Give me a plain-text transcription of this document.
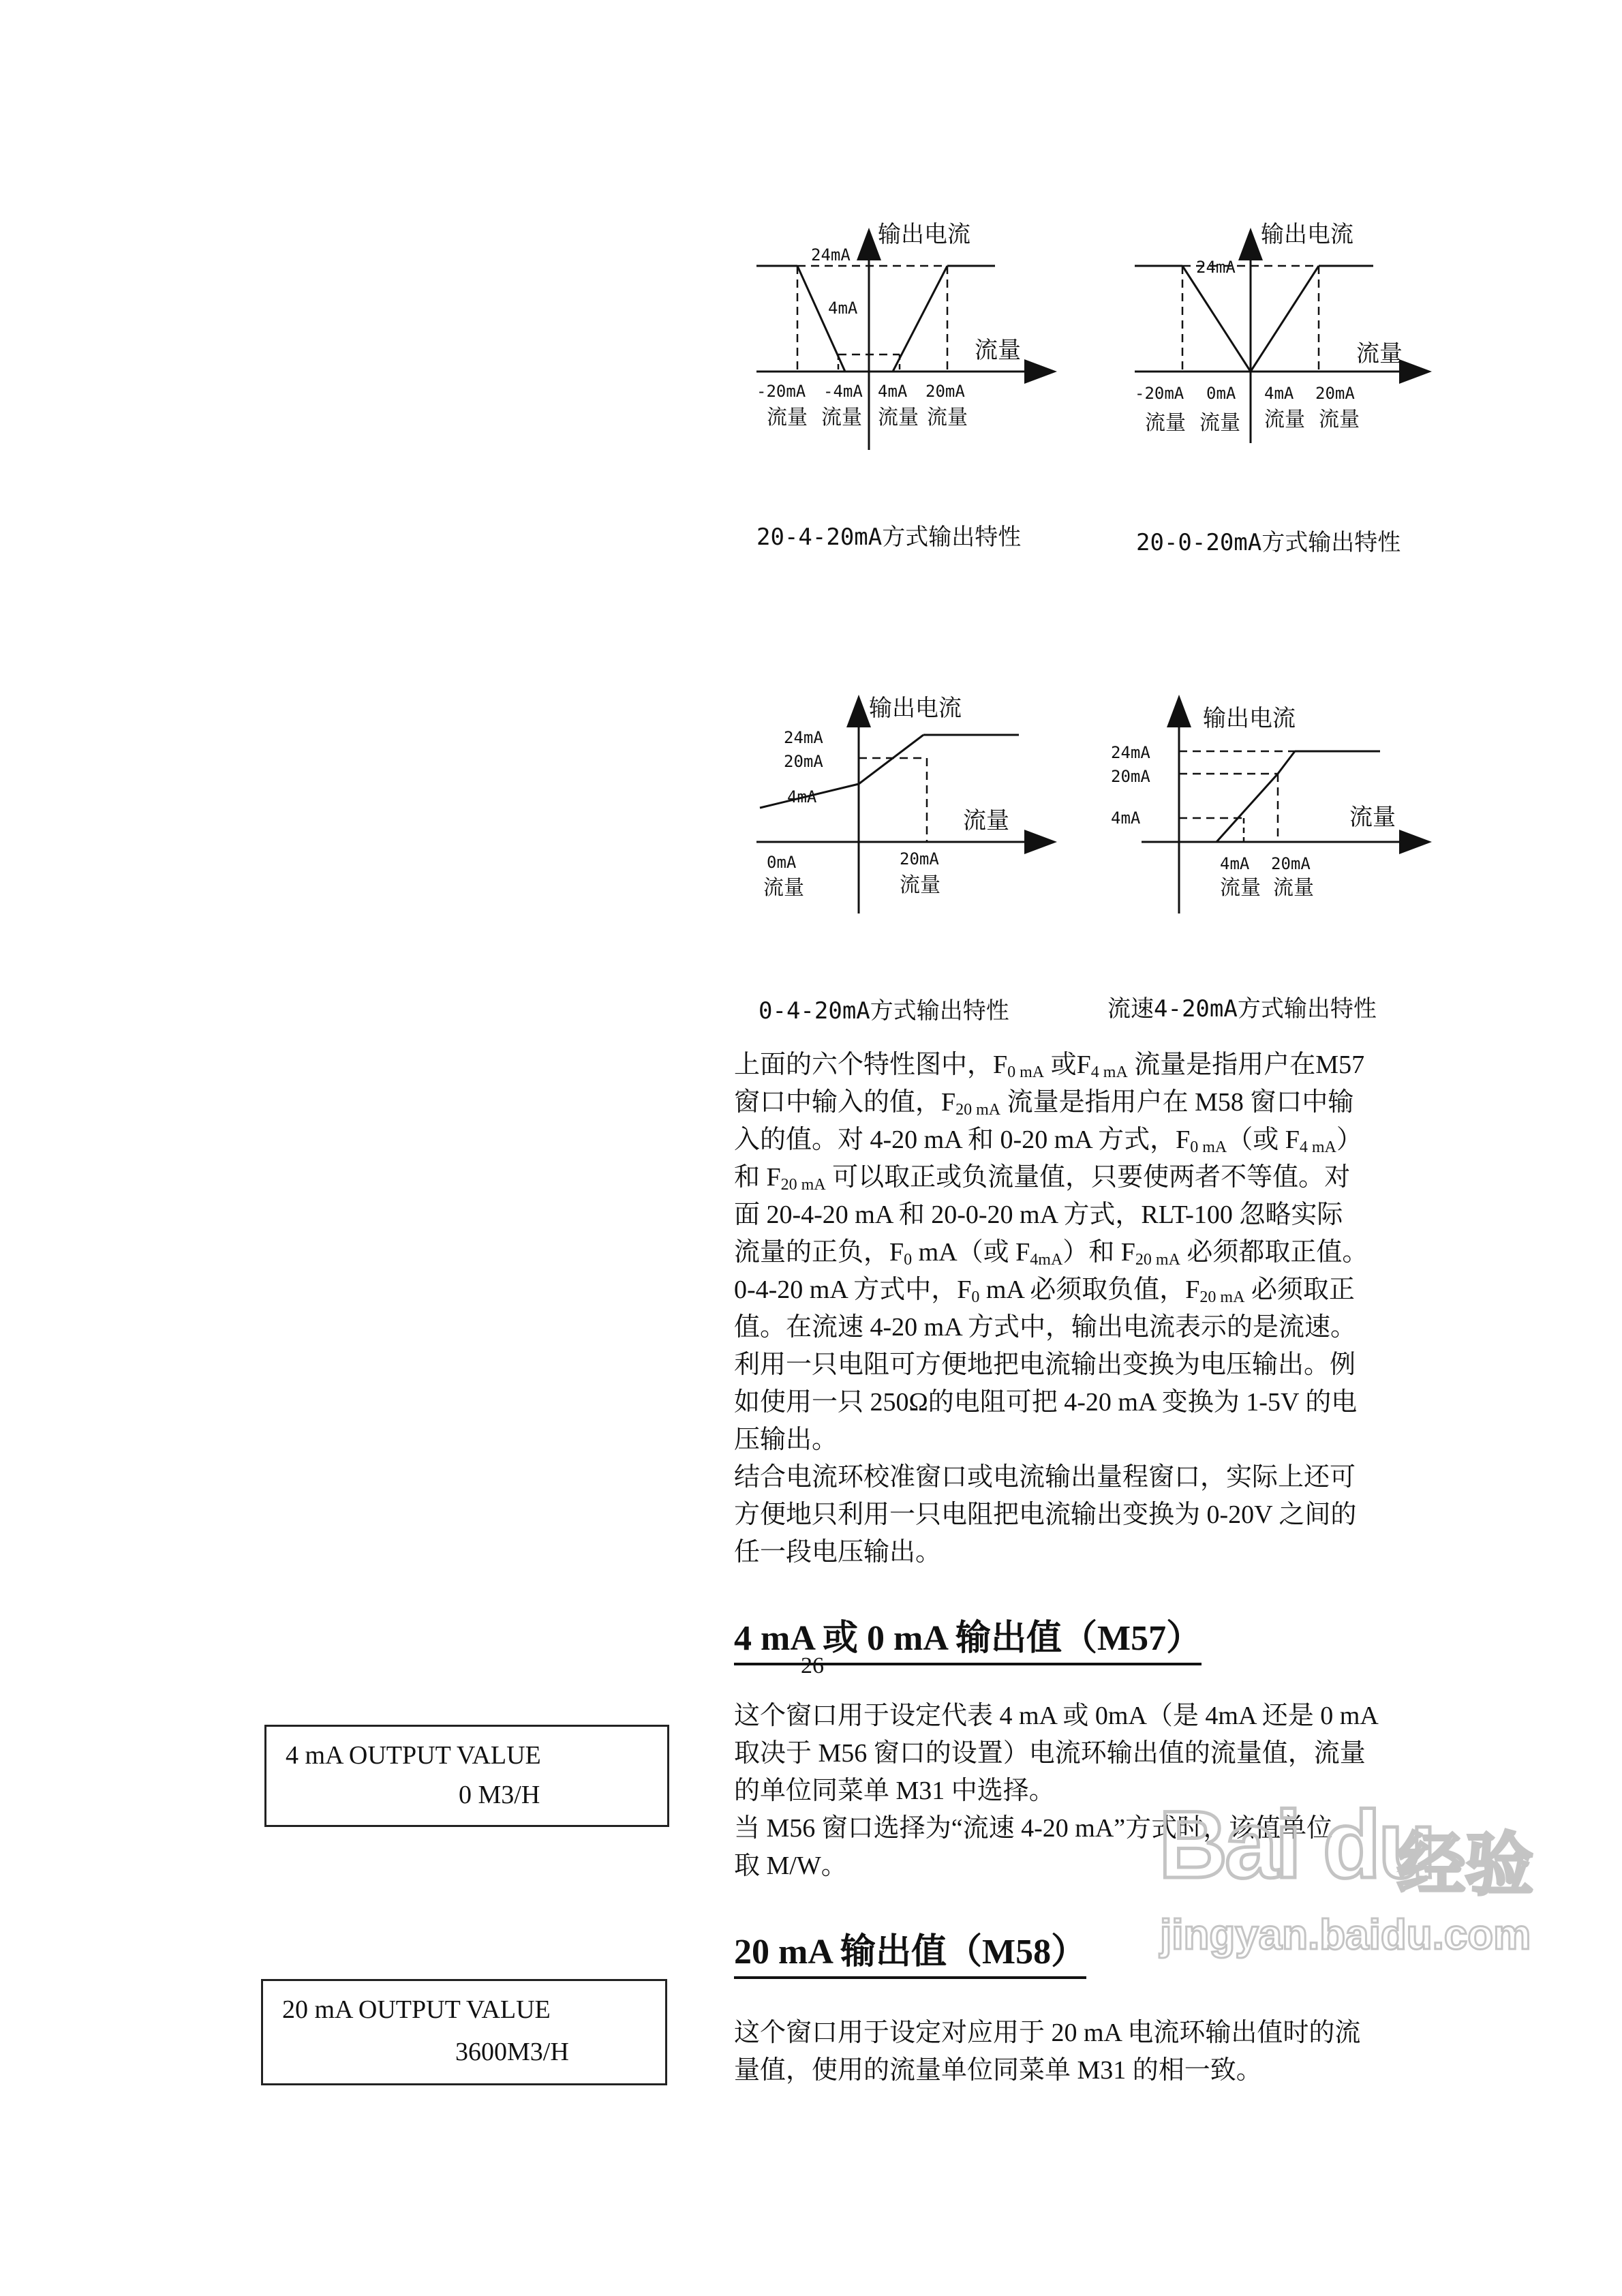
输出电流
24mA
4mA
流量
-20mA -4mA 4mA 20mA
流量 流量 流量 流量
20-4-20mA方式输出特性
输出电流
24mA
流量
-20mA 0mA 4mA 20mA
流量 流量 流量 流量
20-0-20mA方式输出特性
输出电流
24mA
20mA
4mA
流量
0mA	20mA
流量	流量
0-4-20mA方式输出特性
输出电流
24mA
20mA
4mA	流量
4mA 20mA
流量 流量
流速4-20mA方式输出特性
上面的六个特性图中，$F_{0 mA}$ 或$F_{4 mA}$ 流量是指用户在M57
窗口中输入的值，$F_{20 mA}$ 流量是指用户在 M58 窗口中输
入的值。对 4-20 mA 和 0-20 mA 方式，$F_{0 mA}$（或 $F_{4 mA}$）
和 $F_{20 mA}$ 可以取正或负流量值，只要使两者不等值。对
面 20-4-20 mA 和 20-0-20 mA 方式，RLT-100 忽略实际
流量的正负，$F_0$ mA（或 $F_{4mA}$）和 $F_{20 mA}$ 必须都取正值。
0-4-20 mA 方式中，$F_0$ mA 必须取负值，$F_{20 mA}$ 必须取正
值。在流速 4-20 mA 方式中，输出电流表示的是流速。
利用一只电阻可方便地把电流输出变换为电压输出。例
如使用一只 250Ω的电阻可把 4-20 mA 变换为 1-5V 的电
压输出。
结合电流环校准窗口或电流输出量程窗口，实际上还可
方便地只利用一只电阻把电流输出变换为 0-20V 之间的
任一段电压输出。
4 mA 或 0 mA 输出值（M57）
这个窗口用于设定代表 4 mA 或 0mA（是 4mA 还是 0 mA
取决于 M56 窗口的设置）电流环输出值的流量值，流量
的单位同菜单 M31 中选择。
当 M56 窗口选择为“流速 4-20 mA”方式时，该值单位
取 M/W。
4 mA OUTPUT VALUE
0 M3/H
20 mA 输出值（M58）
这个窗口用于设定对应用于 20 mA 电流环输出值时的流
量值，使用的流量单位同菜单 M31 的相一致。
20 mA OUTPUT VALUE
3600M3/H
26
Bai du
经验
jingyan.baidu.com
